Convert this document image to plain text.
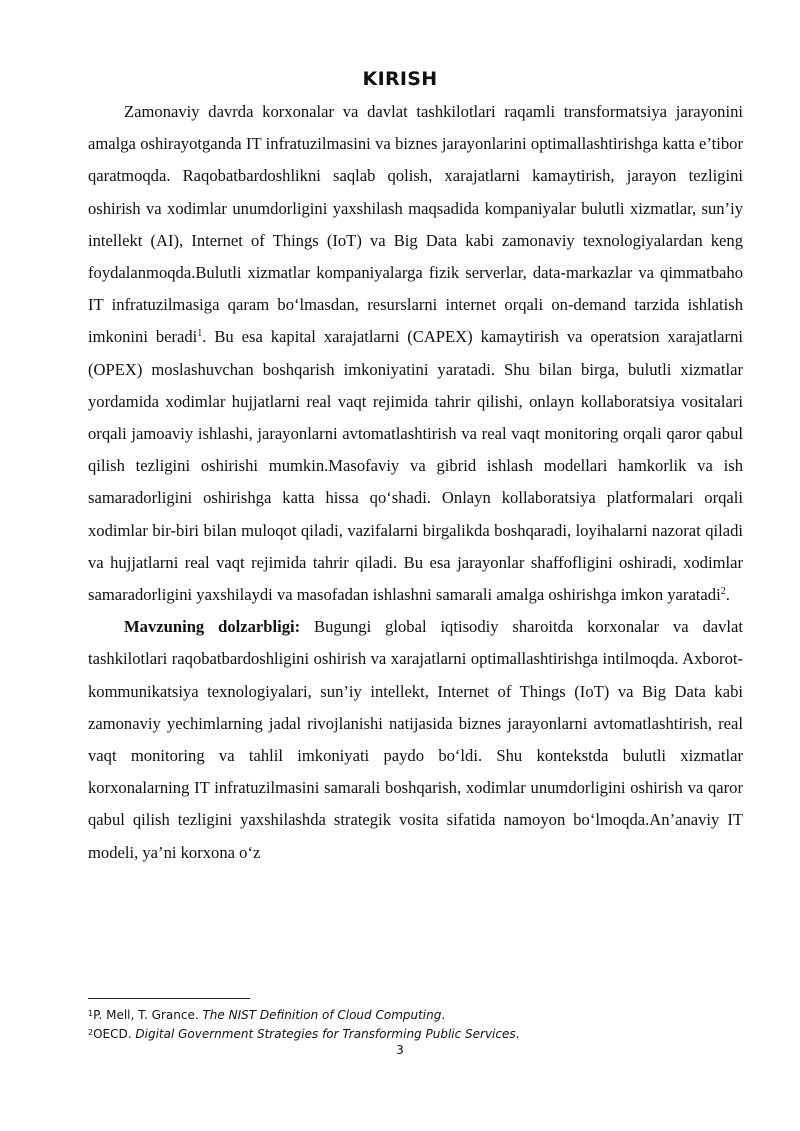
KIRISH

Zamonaviy davrda korxonalar va davlat tashkilotlari raqamli transformatsiya jarayonini amalga oshirayotganda IT infratuzilmasini va biznes jarayonlarini optimallashtirishga katta e’tibor qaratmoqda. Raqobatbardoshlikni saqlab qolish, xarajatlarni kamaytirish, jarayon tezligini oshirish va xodimlar unumdorligini yaxshilash maqsadida kompaniyalar bulutli xizmatlar, sun’iy intellekt (AI), Internet of Things (IoT) va Big Data kabi zamonaviy texnologiyalardan keng foydalanmoqda.Bulutli xizmatlar kompaniyalarga fizik serverlar, data-markazlar va qimmatbaho IT infratuzilmasiga qaram bo‘lmasdan, resurslarni internet orqali on-demand tarzida ishlatish imkonini beradi$^1$. Bu esa kapital xarajatlarni (CAPEX) kamaytirish va operatsion xarajatlarni (OPEX) moslashuvchan boshqarish imkoniyatini yaratadi. Shu bilan birga, bulutli xizmatlar yordamida xodimlar hujjatlarni real vaqt rejimida tahrir qilishi, onlayn kollaboratsiya vositalari orqali jamoaviy ishlashi, jarayonlarni avtomatlashtirish va real vaqt monitoring orqali qaror qabul qilish tezligini oshirishi mumkin.Masofaviy va gibrid ishlash modellari hamkorlik va ish samaradorligini oshirishga katta hissa qo‘shadi. Onlayn kollaboratsiya platformalari orqali xodimlar bir-biri bilan muloqot qiladi, vazifalarni birgalikda boshqaradi, loyihalarni nazorat qiladi va hujjatlarni real vaqt rejimida tahrir qiladi. Bu esa jarayonlar shaffofligini oshiradi, xodimlar samaradorligini yaxshilaydi va masofadan ishlashni samarali amalga oshirishga imkon yaratadi$^2$.

Mavzuning dolzarbligi: Bugungi global iqtisodiy sharoitda korxonalar va davlat tashkilotlari raqobatbardoshligini oshirish va xarajatlarni optimallashtirishga intilmoqda. Axborot-kommunikatsiya texnologiyalari, sun’iy intellekt, Internet of Things (IoT) va Big Data kabi zamonaviy yechimlarning jadal rivojlanishi natijasida biznes jarayonlarni avtomatlashtirish, real vaqt monitoring va tahlil imkoniyati paydo bo‘ldi. Shu kontekstda bulutli xizmatlar korxonalarning IT infratuzilmasini samarali boshqarish, xodimlar unumdorligini oshirish va qaror qabul qilish tezligini yaxshilashda strategik vosita sifatida namoyon bo‘lmoqda.An’anaviy IT modeli, ya’ni korxona o‘z

$^1$P. Mell, T. Grance. The NIST Definition of Cloud Computing.
$^2$OECD. Digital Government Strategies for Transforming Public Services.
3
